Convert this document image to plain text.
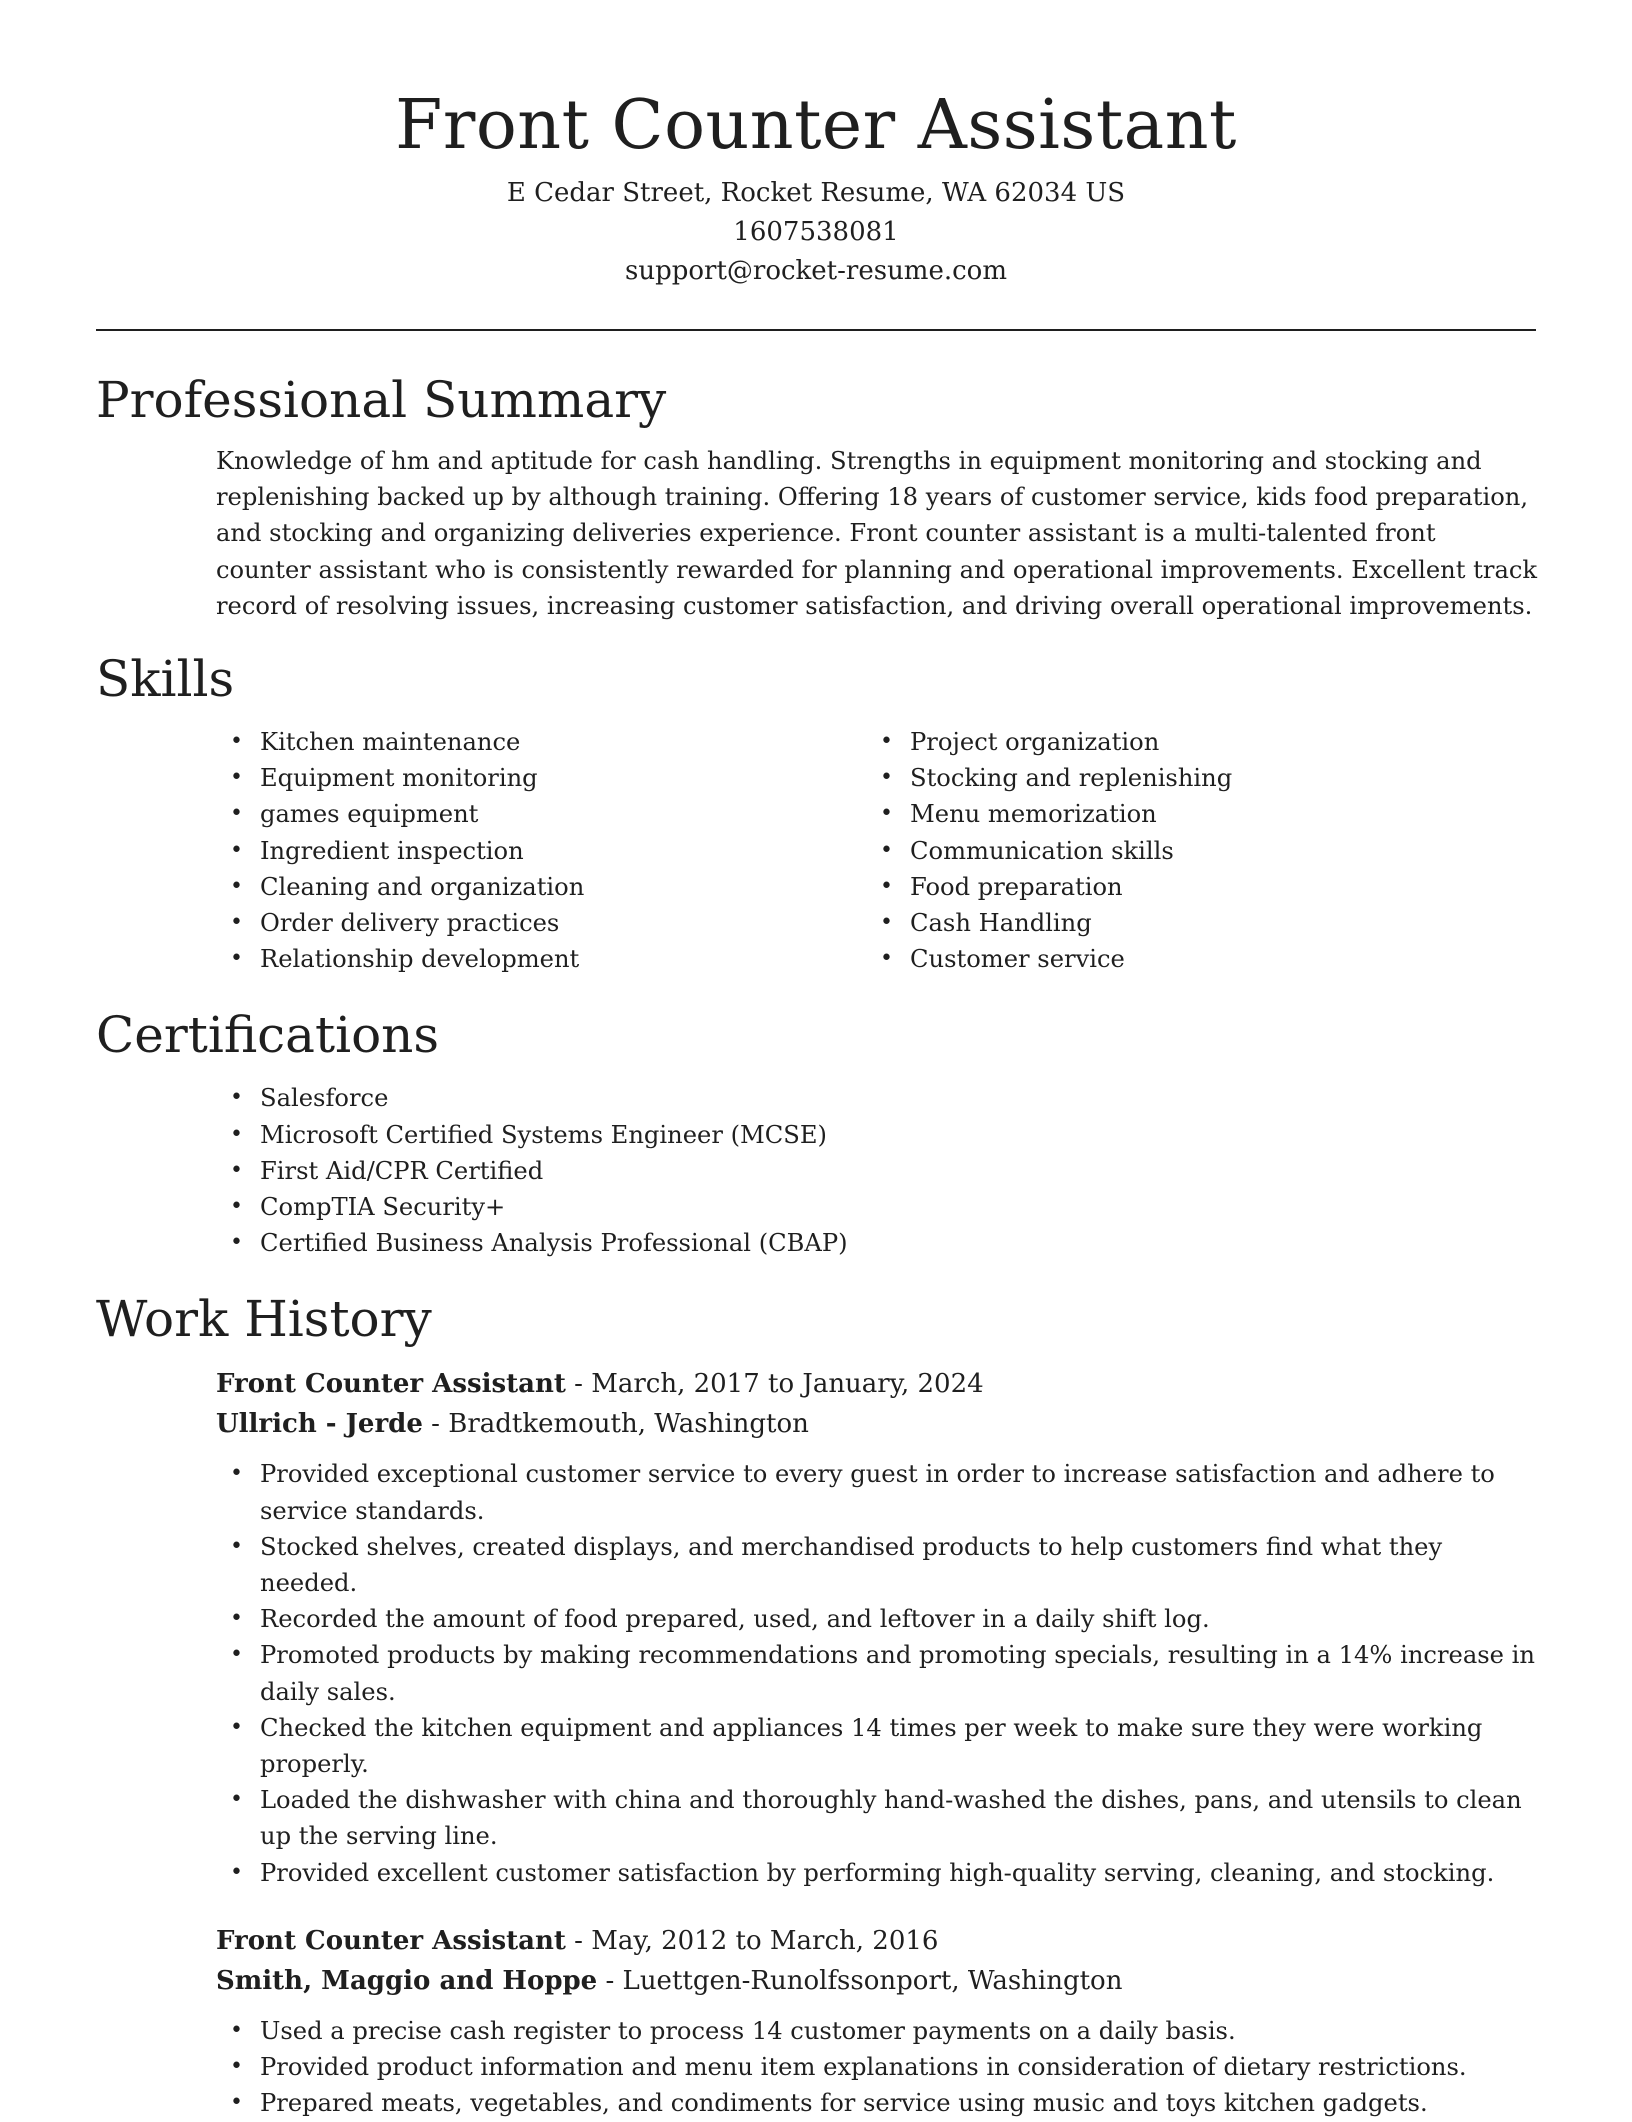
Front Counter Assistant
E Cedar Street, Rocket Resume, WA 62034 US
1607538081
support@rocket-resume.com
Professional Summary

Knowledge of hm and aptitude for cash handling. Strengths in equipment monitoring and stocking and replenishing backed up by although training. Offering 18 years of customer service, kids food preparation, and stocking and organizing deliveries experience. Front counter assistant is a multi-talented front counter assistant who is consistently rewarded for planning and operational improvements. Excellent track record of resolving issues, increasing customer satisfaction, and driving overall operational improvements.

Skills
• Kitchen maintenance
• Equipment monitoring
• games equipment
• Ingredient inspection
• Cleaning and organization
• Order delivery practices
• Relationship development
• Project organization
• Stocking and replenishing
• Menu memorization
• Communication skills
• Food preparation
• Cash Handling
• Customer service
Certifications
• Salesforce
• Microsoft Certified Systems Engineer (MCSE)
• First Aid/CPR Certified
• CompTIA Security+
• Certified Business Analysis Professional (CBAP)
Work History
Front Counter Assistant - March, 2017 to January, 2024
Ullrich - Jerde - Bradtkemouth, Washington
• Provided exceptional customer service to every guest in order to increase satisfaction and adhere to service standards.
• Stocked shelves, created displays, and merchandised products to help customers find what they needed.
• Recorded the amount of food prepared, used, and leftover in a daily shift log.
• Promoted products by making recommendations and promoting specials, resulting in a 14% increase in daily sales.
• Checked the kitchen equipment and appliances 14 times per week to make sure they were working properly.
• Loaded the dishwasher with china and thoroughly hand-washed the dishes, pans, and utensils to clean up the serving line.
• Provided excellent customer satisfaction by performing high-quality serving, cleaning, and stocking.
Front Counter Assistant - May, 2012 to March, 2016
Smith, Maggio and Hoppe - Luettgen-Runolfssonport, Washington
• Used a precise cash register to process 14 customer payments on a daily basis.
• Provided product information and menu item explanations in consideration of dietary restrictions.
• Prepared meats, vegetables, and condiments for service using music and toys kitchen gadgets.
